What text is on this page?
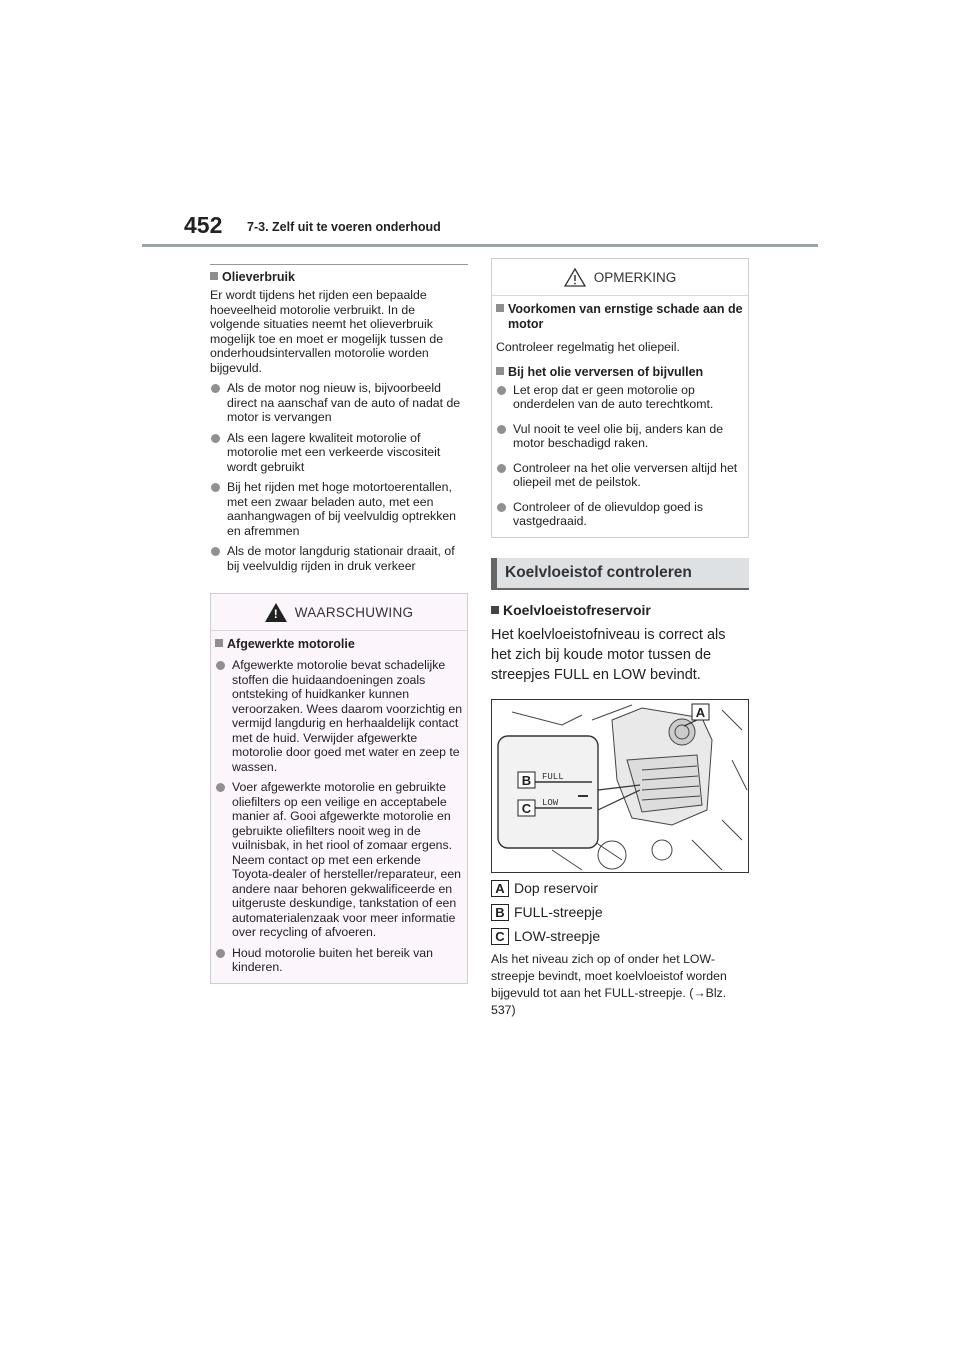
452 7-3. Zelf uit te voeren onderhoud
Olieverbruik
Er wordt tijdens het rijden een bepaalde hoeveelheid motorolie verbruikt. In de volgende situaties neemt het olieverbruik mogelijk toe en moet er mogelijk tussen de onderhoudsintervallen motorolie worden bijgevuld.
Als de motor nog nieuw is, bijvoorbeeld direct na aanschaf van de auto of nadat de motor is vervangen
Als een lagere kwaliteit motorolie of motorolie met een verkeerde viscositeit wordt gebruikt
Bij het rijden met hoge motortoerentallen, met een zwaar beladen auto, met een aanhangwagen of bij veelvuldig optrekken en afremmen
Als de motor langdurig stationair draait, of bij veelvuldig rijden in druk verkeer
! WAARSCHUWING
Afgewerkte motorolie
Afgewerkte motorolie bevat schadelijke stoffen die huidaandoeningen zoals ontsteking of huidkanker kunnen veroorzaken. Wees daarom voorzichtig en vermijd langdurig en herhaaldelijk contact met de huid. Verwijder afgewerkte motorolie door goed met water en zeep te wassen.
Voer afgewerkte motorolie en gebruikte oliefilters op een veilige en acceptabele manier af. Gooi afgewerkte motorolie en gebruikte oliefilters nooit weg in de vuilnisbak, in het riool of zomaar ergens. Neem contact op met een erkende Toyota-dealer of hersteller/reparateur, een andere naar behoren gekwalificeerde en uitgeruste deskundige, tankstation of een automaterialenzaak voor meer informatie over recycling of afvoeren.
Houd motorolie buiten het bereik van kinderen.
OPMERKING
Voorkomen van ernstige schade aan de motor
Controleer regelmatig het oliepeil.
Bij het olie verversen of bijvullen
Let erop dat er geen motorolie op onderdelen van de auto terechtkomt.
Vul nooit te veel olie bij, anders kan de motor beschadigd raken.
Controleer na het olie verversen altijd het oliepeil met de peilstok.
Controleer of de olievuldop goed is vastgedraaid.
Koelvloeistof controleren
Koelvloeistofreservoir
Het koelvloeistofniveau is correct als het zich bij koude motor tussen de streepjes FULL en LOW bevindt.
FULL
LOW
B
C
A
A Dop reservoir
B FULL-streepje
C LOW-streepje
Als het niveau zich op of onder het LOW-streepje bevindt, moet koelvloeistof worden bijgevuld tot aan het FULL-streepje. (→Blz. 537)
